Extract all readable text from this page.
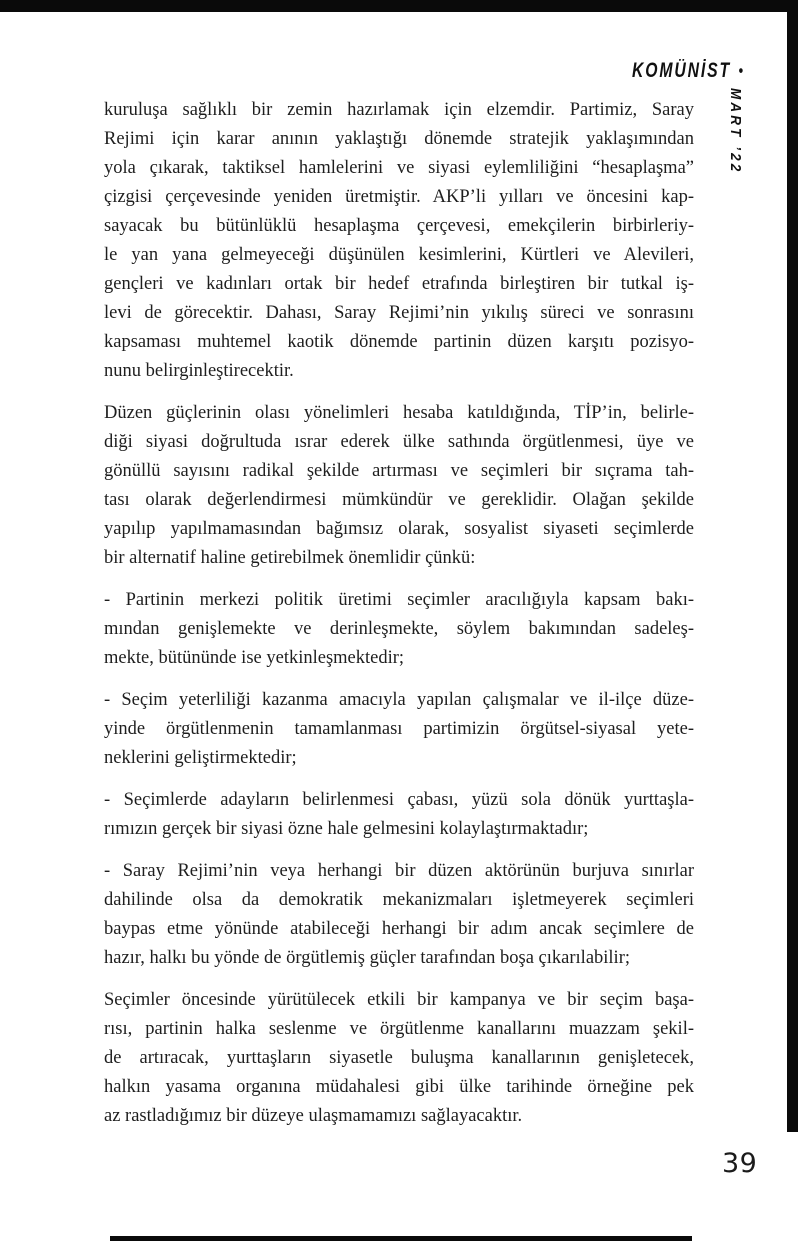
KOMÜNİST •
MART ’22

kuruluşa sağlıklı bir zemin hazırlamak için elzemdir. Partimiz, Saray
Rejimi için karar anının yaklaştığı dönemde stratejik yaklaşımından
yola çıkarak, taktiksel hamlelerini ve siyasi eylemliliğini “hesaplaşma”
çizgisi çerçevesinde yeniden üretmiştir. AKP’li yılları ve öncesini kap-
sayacak bu bütünlüklü hesaplaşma çerçevesi, emekçilerin birbirleriy-
le yan yana gelmeyeceği düşünülen kesimlerini, Kürtleri ve Alevileri,
gençleri ve kadınları ortak bir hedef etrafında birleştiren bir tutkal iş-
levi de görecektir. Dahası, Saray Rejimi’nin yıkılış süreci ve sonrasını
kapsaması muhtemel kaotik dönemde partinin düzen karşıtı pozisyo-
nunu belirginleştirecektir.

Düzen güçlerinin olası yönelimleri hesaba katıldığında, TİP’in, belirle-
diği siyasi doğrultuda ısrar ederek ülke sathında örgütlenmesi, üye ve
gönüllü sayısını radikal şekilde artırması ve seçimleri bir sıçrama tah-
tası olarak değerlendirmesi mümkündür ve gereklidir. Olağan şekilde
yapılıp yapılmamasından bağımsız olarak, sosyalist siyaseti seçimlerde
bir alternatif haline getirebilmek önemlidir çünkü:

- Partinin merkezi politik üretimi seçimler aracılığıyla kapsam bakı-
mından genişlemekte ve derinleşmekte, söylem bakımından sadeleş-
mekte, bütününde ise yetkinleşmektedir;

- Seçim yeterliliği kazanma amacıyla yapılan çalışmalar ve il-ilçe düze-
yinde örgütlenmenin tamamlanması partimizin örgütsel-siyasal yete-
neklerini geliştirmektedir;

- Seçimlerde adayların belirlenmesi çabası, yüzü sola dönük yurttaşla-
rımızın gerçek bir siyasi özne hale gelmesini kolaylaştırmaktadır;

- Saray Rejimi’nin veya herhangi bir düzen aktörünün burjuva sınırlar
dahilinde olsa da demokratik mekanizmaları işletmeyerek seçimleri
baypas etme yönünde atabileceği herhangi bir adım ancak seçimlere de
hazır, halkı bu yönde de örgütlemiş güçler tarafından boşa çıkarılabilir;

Seçimler öncesinde yürütülecek etkili bir kampanya ve bir seçim başa-
rısı, partinin halka seslenme ve örgütlenme kanallarını muazzam şekil-
de artıracak, yurttaşların siyasetle buluşma kanallarının genişletecek,
halkın yasama organına müdahalesi gibi ülke tarihinde örneğine pek
az rastladığımız bir düzeye ulaşmamamızı sağlayacaktır.

39
